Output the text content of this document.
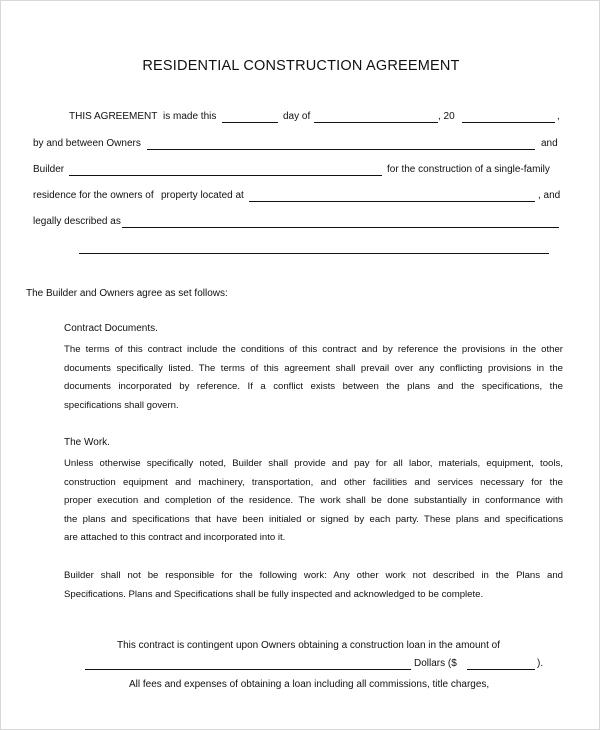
RESIDENTIAL CONSTRUCTION AGREEMENT
THIS AGREEMENT is made this	day of	, 20	,
by and between Owners	and
Builder	for the construction of a single-family
residence for the owners of property located at	, and
legally described as
The Builder and Owners agree as set follows:
Contract Documents.
The terms of this contract include the conditions of this contract and by reference the provisions in the other
documents specifically listed. The terms of this agreement shall prevail over any conflicting provisions in the
documents incorporated by reference. If a conflict exists between the plans and the specifications, the
specifications shall govern.
The Work.
Unless otherwise specifically noted, Builder shall provide and pay for all labor, materials, equipment, tools,
construction equipment and machinery, transportation, and other facilities and services necessary for the
proper execution and completion of the residence. The work shall be done substantially in conformance with
the plans and specifications that have been initialed or signed by each party. These plans and specifications
are attached to this contract and incorporated into it.
Builder shall not be responsible for the following work: Any other work not described in the Plans and
Specifications. Plans and Specifications shall be fully inspected and acknowledged to be complete.
This contract is contingent upon Owners obtaining a construction loan in the amount of
Dollars ($	).
All fees and expenses of obtaining a loan including all commissions, title charges,
